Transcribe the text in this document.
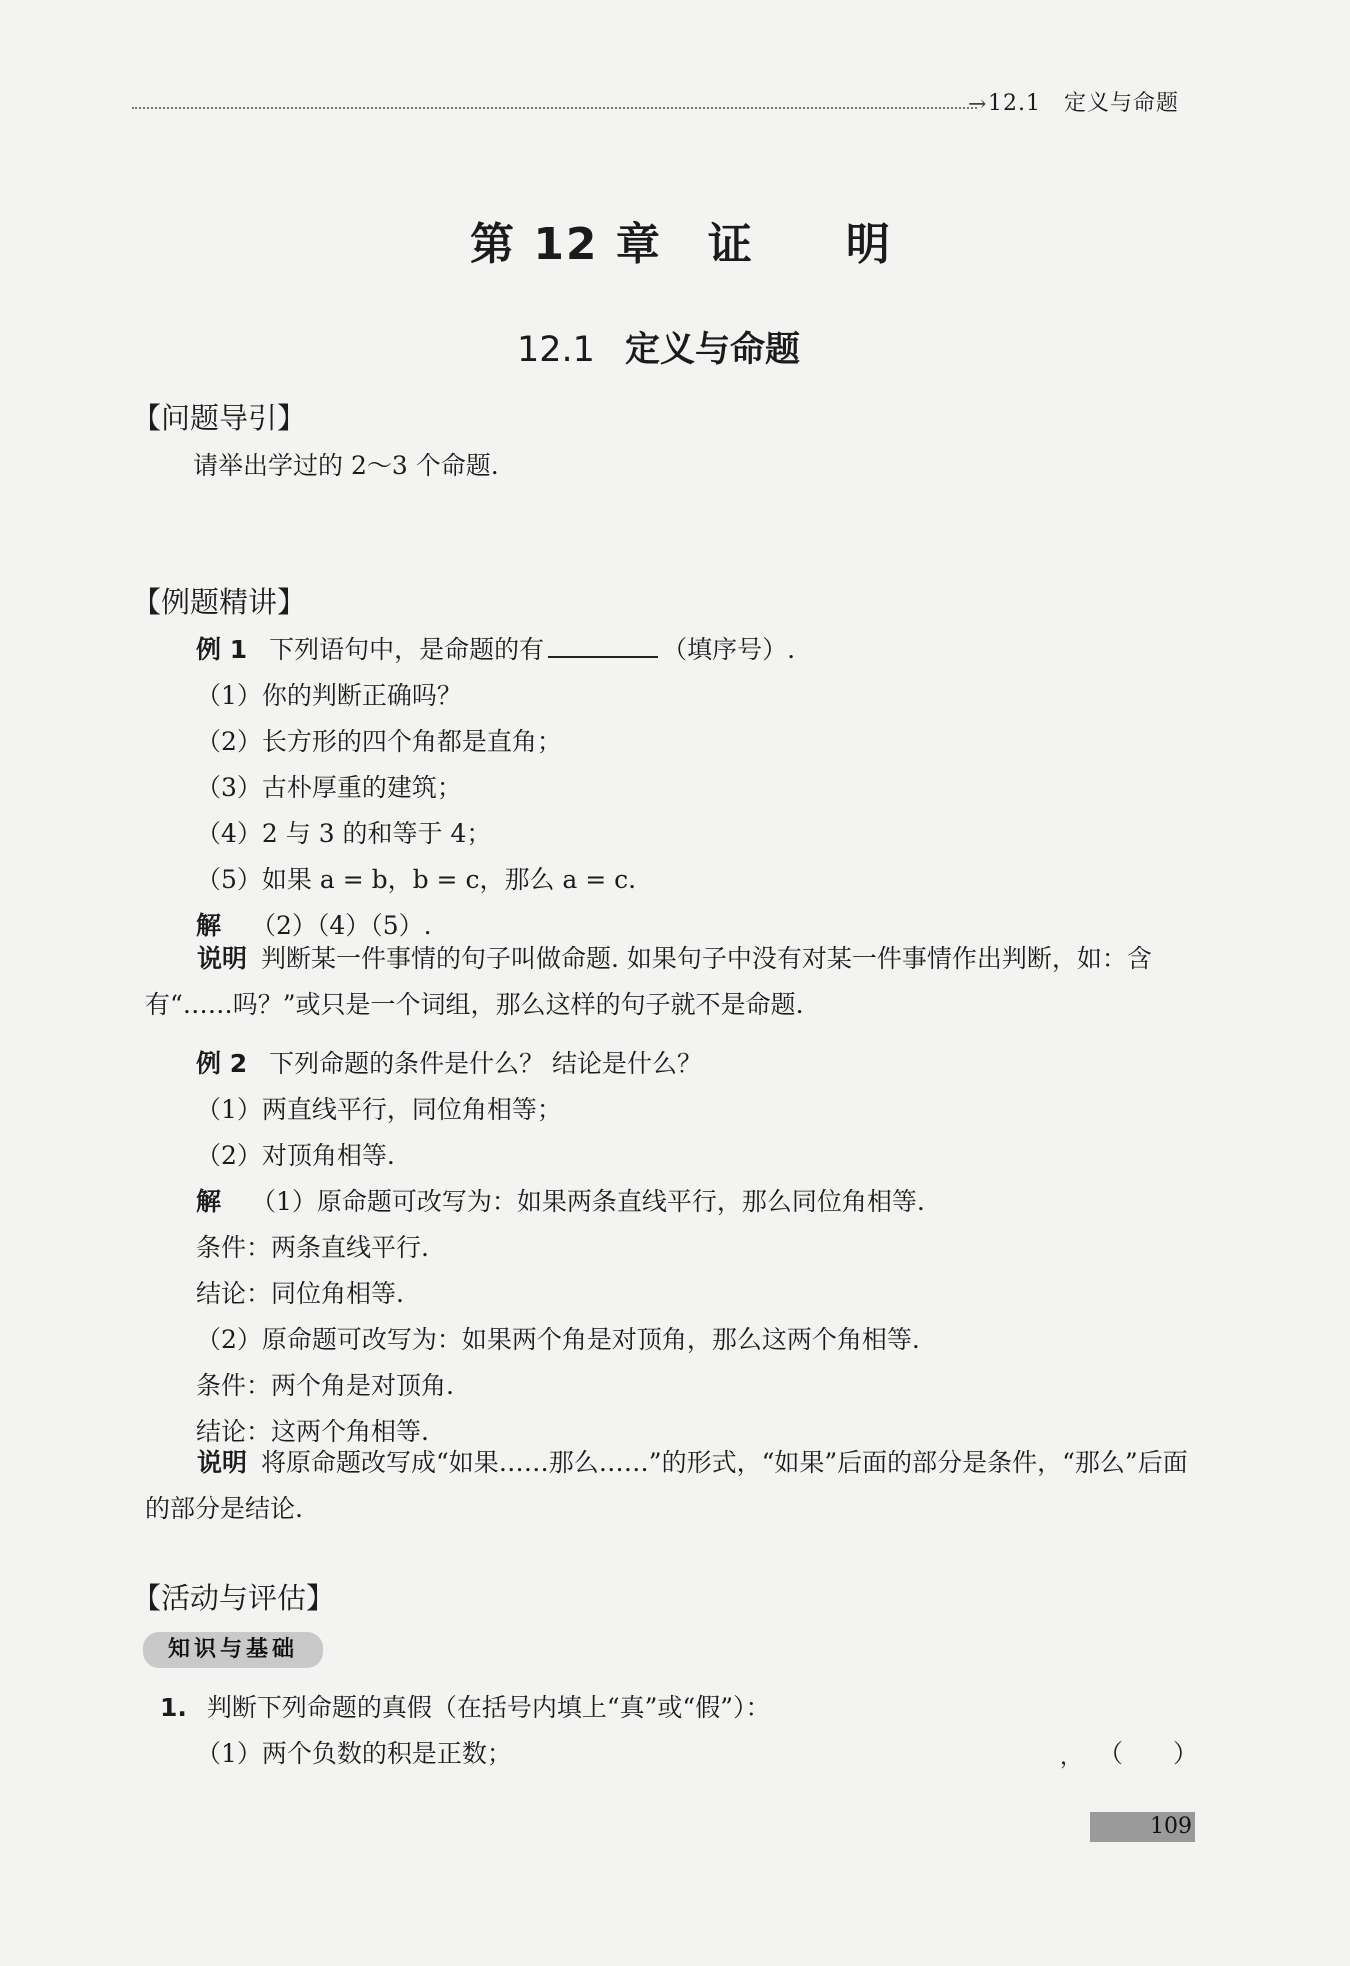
→ 12.1　定义与命题
第 12 章　证　　明
12.1 定义与命题
【问题导引】
请举出学过的 2～3 个命题.
【例题精讲】
例 1 下列语句中，是命题的有	（填序号）.
（1）你的判断正确吗？
（2）长方形的四个角都是直角；
（3）古朴厚重的建筑；
（4）2 与 3 的和等于 4；
（5）如果 a = b，b = c，那么 a = c.
解 （2）（4）（5）.
说明 判断某一件事情的句子叫做命题. 如果句子中没有对某一件事情作出判断，如：含有“……吗？”或只是一个词组，那么这样的句子就不是命题.
例 2 下列命题的条件是什么？ 结论是什么？
（1）两直线平行，同位角相等；
（2）对顶角相等.
解 （1）原命题可改写为：如果两条直线平行，那么同位角相等.
条件：两条直线平行.
结论：同位角相等.
（2）原命题可改写为：如果两个角是对顶角，那么这两个角相等.
条件：两个角是对顶角.
结论：这两个角相等.
说明 将原命题改写成“如果……那么……”的形式，“如果”后面的部分是条件，“那么”后面的部分是结论.
【活动与评估】
知识与基础
1. 判断下列命题的真假（在括号内填上“真”或“假”）：
（1）两个负数的积是正数；	， （　　）
109
